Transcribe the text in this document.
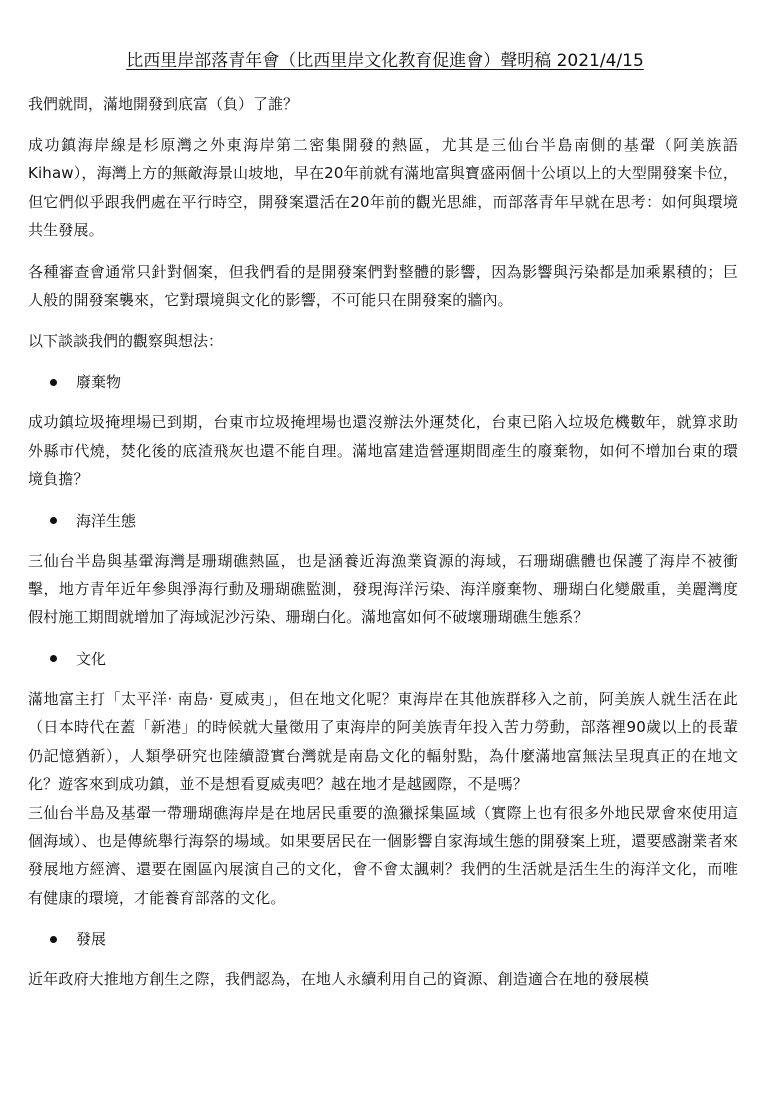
比西里岸部落青年會（比西里岸文化教育促進會）聲明稿 2021/4/15

我們就問，滿地開發到底富（負）了誰？

成功鎮海岸線是杉原灣之外東海岸第二密集開發的熱區，尤其是三仙台半島南側的基翬（阿美族語Kihaw），海灣上方的無敵海景山坡地，早在20年前就有滿地富與寶盛兩個十公頃以上的大型開發案卡位，但它們似乎跟我們處在平行時空，開發案還活在20年前的觀光思維，而部落青年早就在思考：如何與環境共生發展。

各種審查會通常只針對個案，但我們看的是開發案們對整體的影響，因為影響與污染都是加乘累積的；巨人般的開發案襲來，它對環境與文化的影響，不可能只在開發案的牆內。

以下談談我們的觀察與想法：

廢棄物

成功鎮垃圾掩埋場已到期，台東市垃圾掩埋場也還沒辦法外運焚化，台東已陷入垃圾危機數年，就算求助外縣市代燒，焚化後的底渣飛灰也還不能自理。滿地富建造營運期間產生的廢棄物，如何不增加台東的環境負擔？

海洋生態

三仙台半島與基翬海灣是珊瑚礁熱區，也是涵養近海漁業資源的海域，石珊瑚礁體也保護了海岸不被衝擊，地方青年近年參與淨海行動及珊瑚礁監測，發現海洋污染、海洋廢棄物、珊瑚白化變嚴重，美麗灣度假村施工期間就增加了海域泥沙污染、珊瑚白化。滿地富如何不破壞珊瑚礁生態系？

文化

滿地富主打「太平洋‧ 南島‧ 夏威夷」，但在地文化呢？東海岸在其他族群移入之前，阿美族人就生活在此（日本時代在蓋「新港」的時候就大量徵用了東海岸的阿美族青年投入苦力勞動，部落裡90歲以上的長輩仍記憶猶新），人類學研究也陸續證實台灣就是南島文化的輻射點，為什麼滿地富無法呈現真正的在地文化？遊客來到成功鎮，並不是想看夏威夷吧？越在地才是越國際，不是嗎？

三仙台半島及基翬一帶珊瑚礁海岸是在地居民重要的漁獵採集區域（實際上也有很多外地民眾會來使用這個海域）、也是傳統舉行海祭的場域。如果要居民在一個影響自家海域生態的開發案上班，還要感謝業者來發展地方經濟、還要在園區內展演自己的文化，會不會太諷刺？我們的生活就是活生生的海洋文化，而唯有健康的環境，才能養育部落的文化。

發展

近年政府大推地方創生之際，我們認為，在地人永續利用自己的資源、創造適合在地的發展模
